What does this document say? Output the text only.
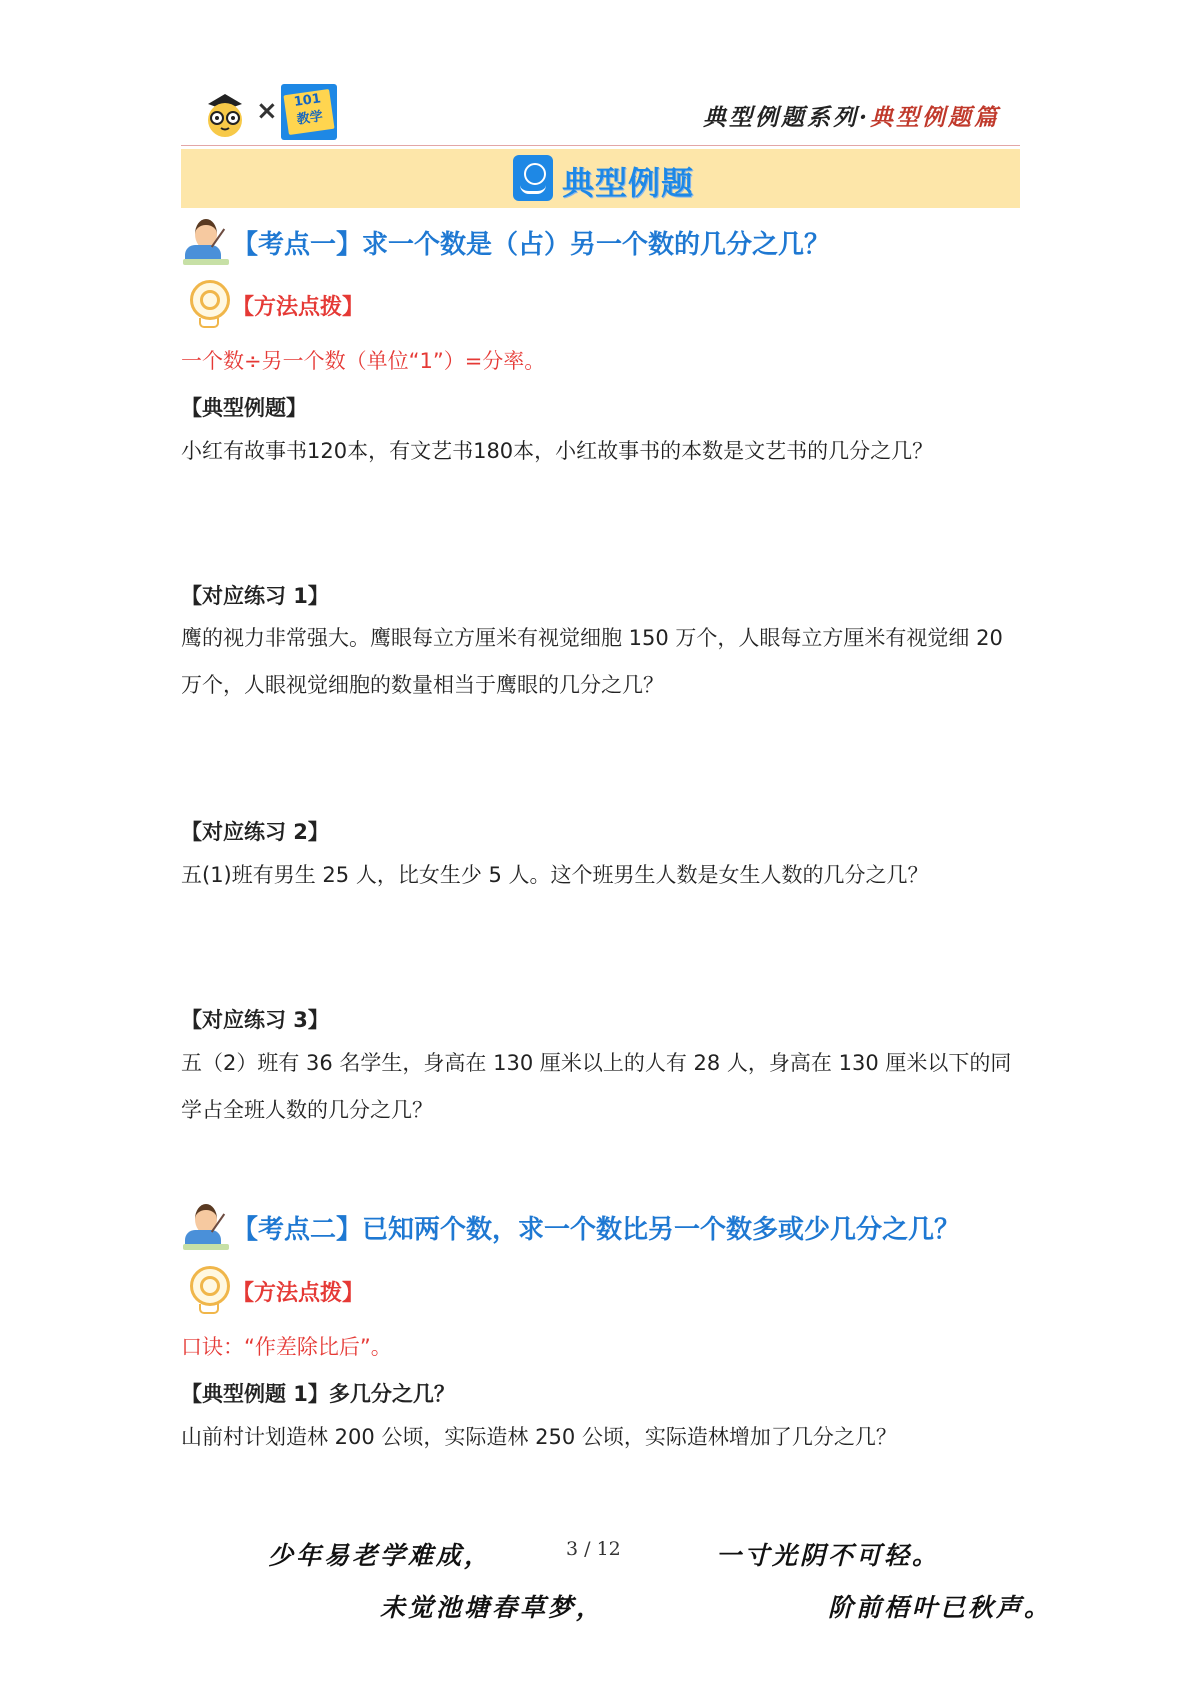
×	101
教学	典型例题系列·典型例题篇
典型例题
【考点一】求一个数是（占）另一个数的几分之几？
【方法点拨】
一个数÷另一个数（单位“1”）=分率。
【典型例题】
小红有故事书120本，有文艺书180本，小红故事书的本数是文艺书的几分之几？
【对应练习 1】
鹰的视力非常强大。鹰眼每立方厘米有视觉细胞 150 万个，人眼每立方厘米有视觉细 20 万个，人眼视觉细胞的数量相当于鹰眼的几分之几？
【对应练习 2】
五(1)班有男生 25 人，比女生少 5 人。这个班男生人数是女生人数的几分之几？
【对应练习 3】
五（2）班有 36 名学生，身高在 130 厘米以上的人有 28 人，身高在 130 厘米以下的同学占全班人数的几分之几？
【考点二】已知两个数，求一个数比另一个数多或少几分之几？
【方法点拨】
口诀：“作差除比后”。
【典型例题 1】多几分之几？
山前村计划造林 200 公顷，实际造林 250 公顷，实际造林增加了几分之几？
少年易老学难成，	3 / 12	一寸光阴不可轻。
未觉池塘春草梦，	阶前梧叶已秋声。
